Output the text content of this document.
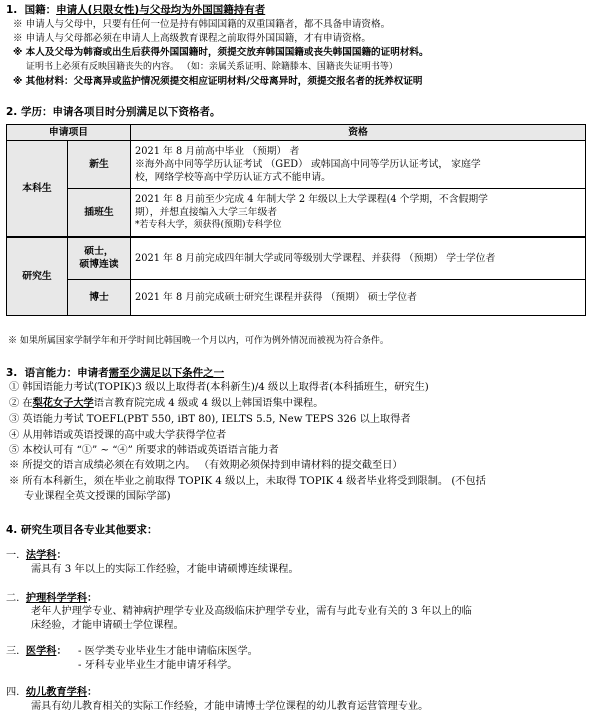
1. 国籍：申请人(只限女性)与父母均为外国国籍持有者
※ 申请人与父母中，只要有任何一位是持有韩国国籍的双重国籍者，都不具备申请资格。
※ 申请人与父母都必须在申请人上高级教育课程之前取得外国国籍，才有申请资格。
※ 本人及父母为韩裔或出生后获得外国国籍时，须提交放弃韩国国籍或丧失韩国国籍的证明材料。
证明书上必须有反映国籍丧失的内容。 （如：亲属关系证明、除籍滕本、国籍丧失证明书等）
※ 其他材料：父母离异或监护情况须提交相应证明材料/父母离异时，须提交报名者的抚养权证明
2. 学历：申请各项目时分别满足以下资格者。
申请项目		资格
本科生	新生	2021 年 8 月前高中毕业 （预期） 者
※海外高中同等学历认证考试 （GED） 或韩国高中同等学历认证考试， 家庭学
校，网络学校等高中学历认证方式不能申请。

	插班生	2021 年 8 月前至少完成 4 年制大学 2 年级以上大学课程(4 个学期，不含假期学
期），并想直接编入大学三年级者
*若专科大学，须获得(预期)专科学位

研究生	硕士，
硕博连读	2021 年 8 月前完成四年制大学或同等级别大学课程、并获得 （预期） 学士学位者
	博士	2021 年 8 月前完成硕士研究生课程并获得 （预期） 硕士学位者
※ 如果所属国家学制学年和开学时间比韩国晚一个月以内，可作为例外情况而被视为符合条件。
3. 语言能力：申请者需至少满足以下条件之一
① 韩国语能力考试(TOPIK)3 级以上取得者(本科新生)/4 级以上取得者(本科插班生，研究生)
② 在梨花女子大学语言教育院完成 4 级或 4 级以上韩国语集中课程。
③ 英语能力考试 TOEFL(PBT 550, iBT 80), IELTS 5.5, New TEPS 326 以上取得者
④ 从用韩语或英语授课的高中或大学获得学位者
⑤ 本校认可有 “①” ~ “④” 所要求的韩语或英语语言能力者
※ 所提交的语言成绩必须在有效期之内。 （有效期必须保持到申请材料的提交截至日）
※ 所有本科新生，须在毕业之前取得 TOPIK 4 级以上，未取得 TOPIK 4 级者毕业将受到限制。 (不包括
专业课程全英文授课的国际学部)
4. 研究生项目各专业其他要求：
一. 法学科：
需具有 3 年以上的实际工作经验，才能申请硕博连续课程。
二. 护理科学学科：
老年人护理学专业、精神病护理学专业及高级临床护理学专业，需有与此专业有关的 3 年以上的临
床经验，才能申请硕士学位课程。
三. 医学科： - 医学类专业毕业生才能申请临床医学。
- 牙科专业毕业生才能申请牙科学。
四. 幼儿教育学科：
需具有幼儿教育相关的实际工作经验，才能申请博士学位课程的幼儿教育运营管理专业。
